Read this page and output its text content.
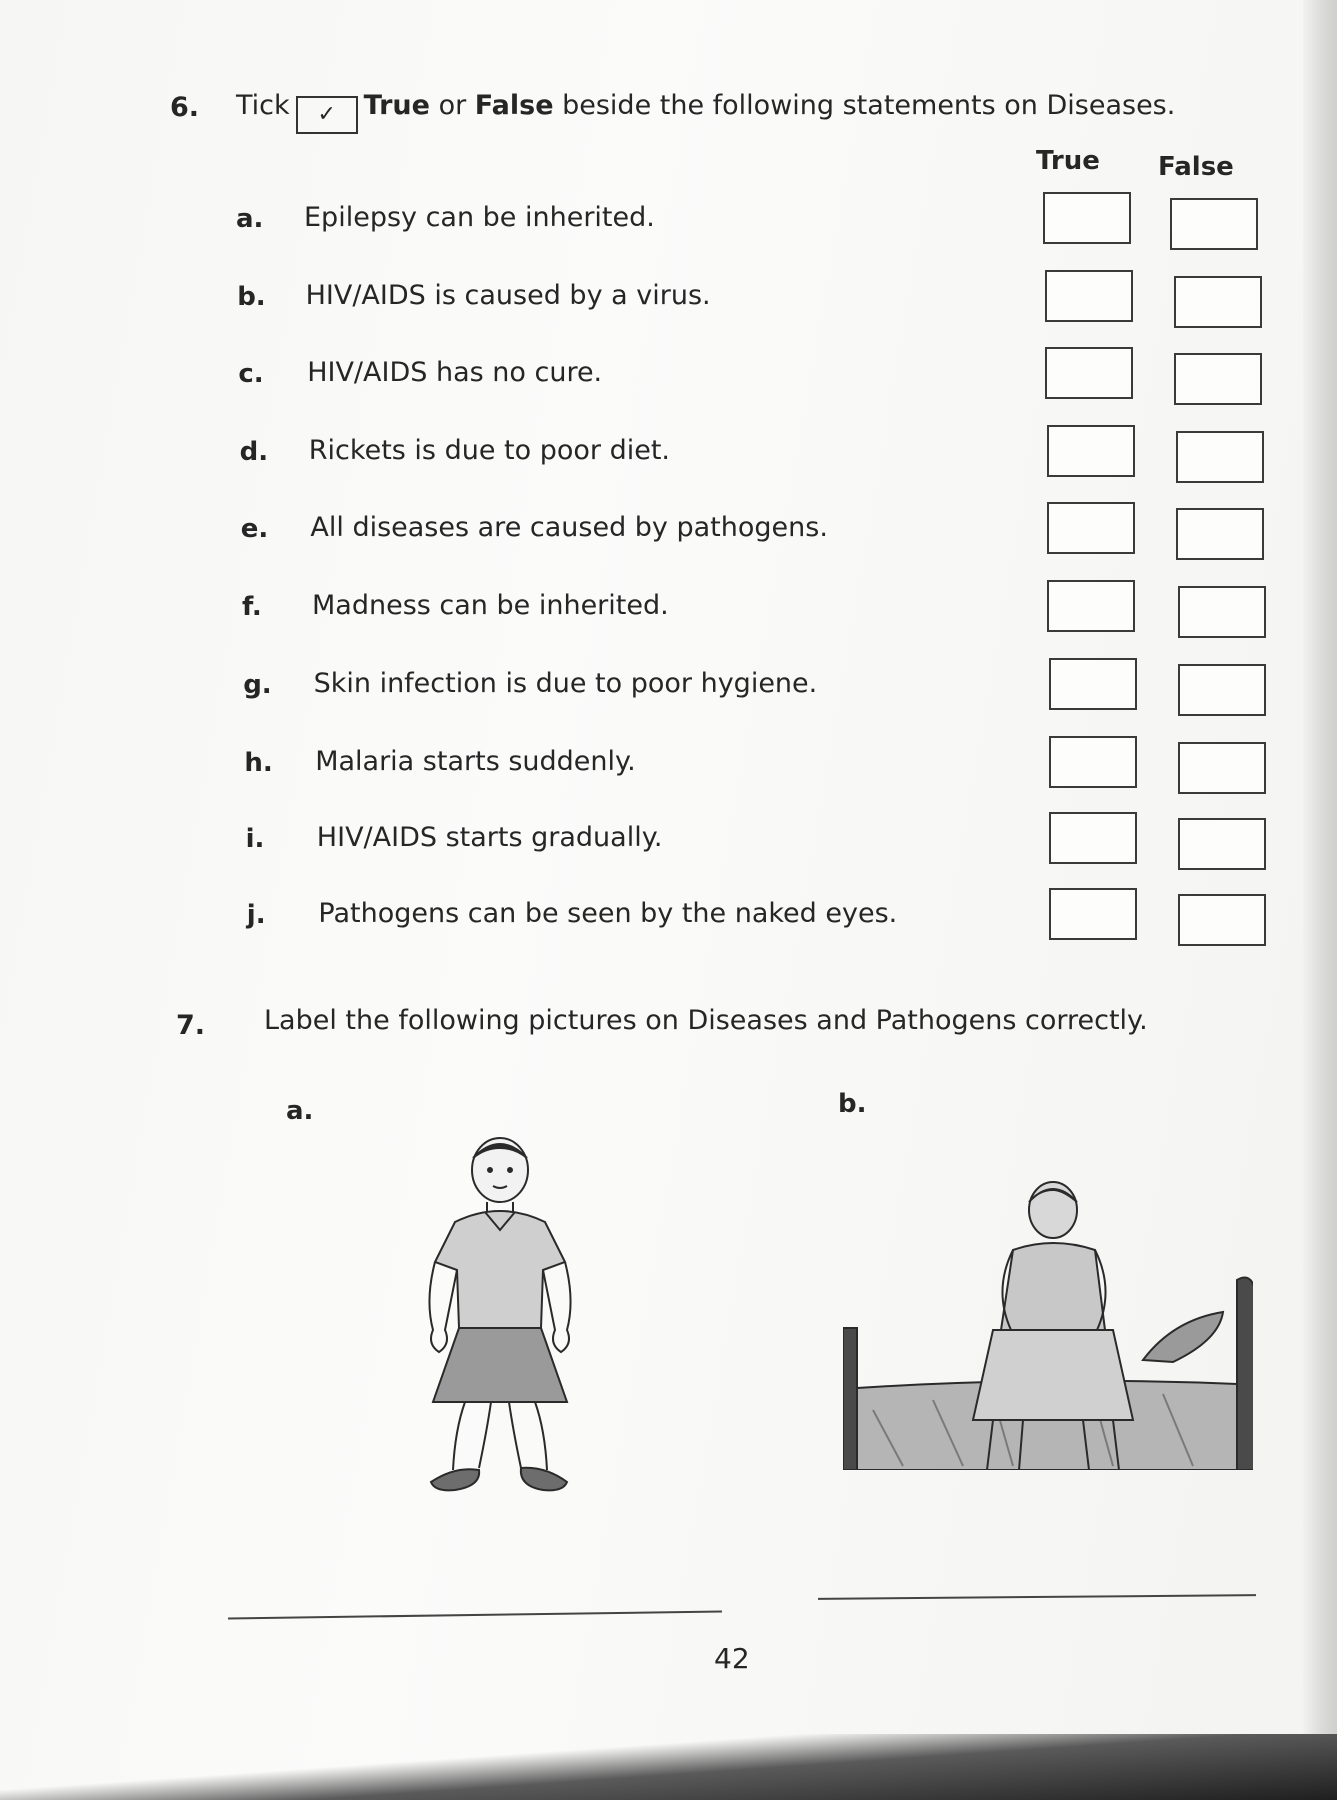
6. Tick ✓ True or False beside the following statements on Diseases.
True False
a. Epilepsy can be inherited.
b. HIV/AIDS is caused by a virus.
c. HIV/AIDS has no cure.
d. Rickets is due to poor diet.
e. All diseases are caused by pathogens.
f. Madness can be inherited.
g. Skin infection is due to poor hygiene.
h. Malaria starts suddenly.
i. HIV/AIDS starts gradually.
j. Pathogens can be seen by the naked eyes.
7. Label the following pictures on Diseases and Pathogens correctly.
a.	b.
42
